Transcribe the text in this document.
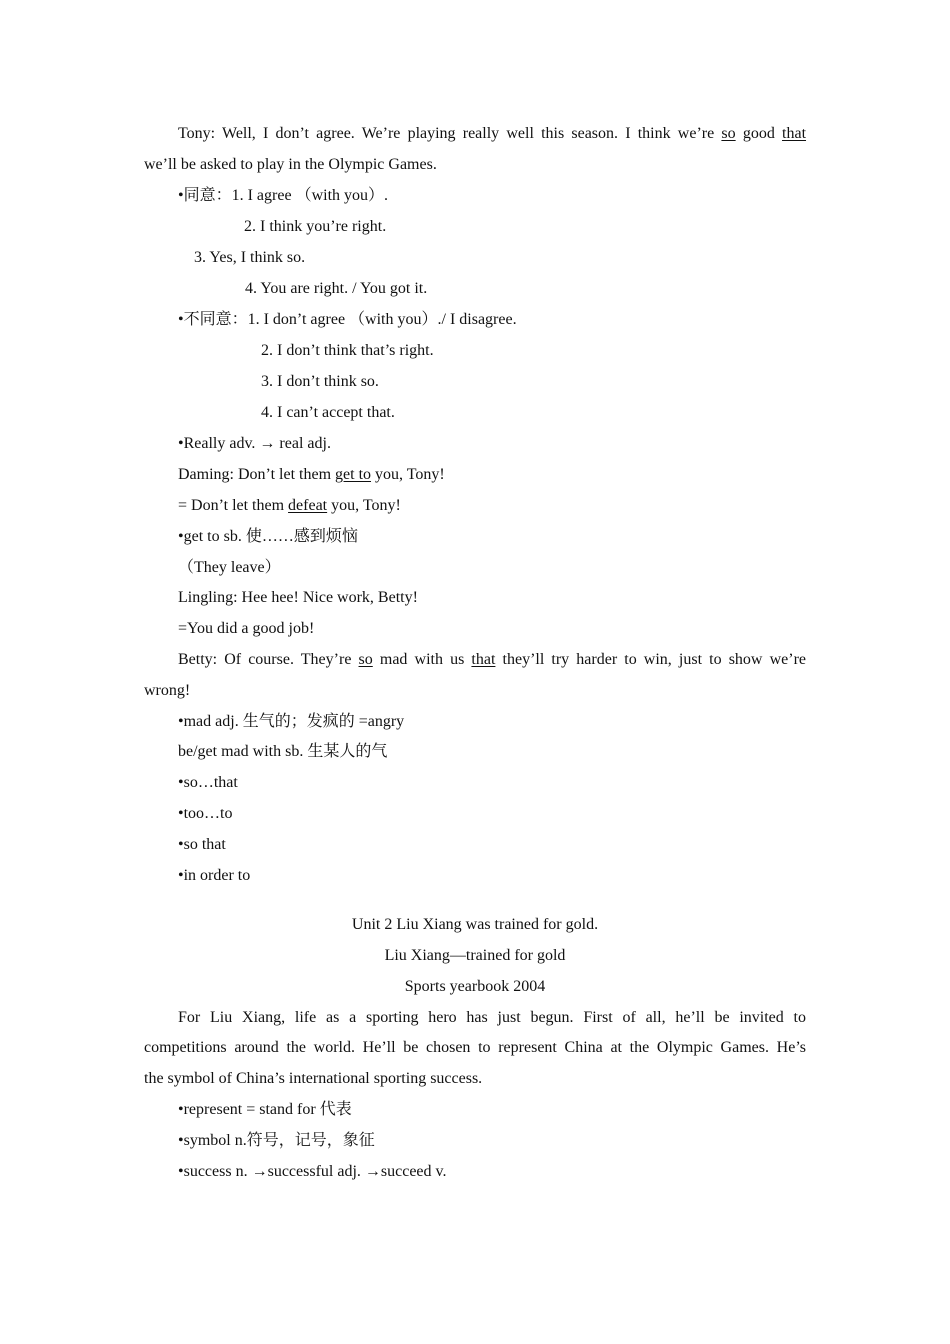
Tony: Well, I don’t agree. We’re playing really well this season. I think we’re so good that
we’ll be asked to play in the Olympic Games.
•同意：1. I agree （with you）.
2. I think you’re right.
3. Yes, I think so.
4. You are right. / You got it.
•不同意：1. I don’t agree （with you）./ I disagree.
2. I don’t think that’s right.
3. I don’t think so.
4. I can’t accept that.
•Really adv. → real adj.
Daming: Don’t let them get to you, Tony!
= Don’t let them defeat you, Tony!
•get to sb. 使……感到烦恼
（They leave）
Lingling: Hee hee! Nice work, Betty!
=You did a good job!
Betty: Of course. They’re so mad with us that they’ll try harder to win, just to show we’re
wrong!
•mad adj. 生气的；发疯的 =angry
be/get mad with sb. 生某人的气
•so…that
•too…to
•so that
•in order to
Unit 2 Liu Xiang was trained for gold.
Liu Xiang—trained for gold
Sports yearbook 2004
For Liu Xiang, life as a sporting hero has just begun. First of all, he’ll be invited to
competitions around the world. He’ll be chosen to represent China at the Olympic Games. He’s
the symbol of China’s international sporting success.
•represent = stand for 代表
•symbol n.符号，记号，象征
•success n. →successful adj. →succeed v.
